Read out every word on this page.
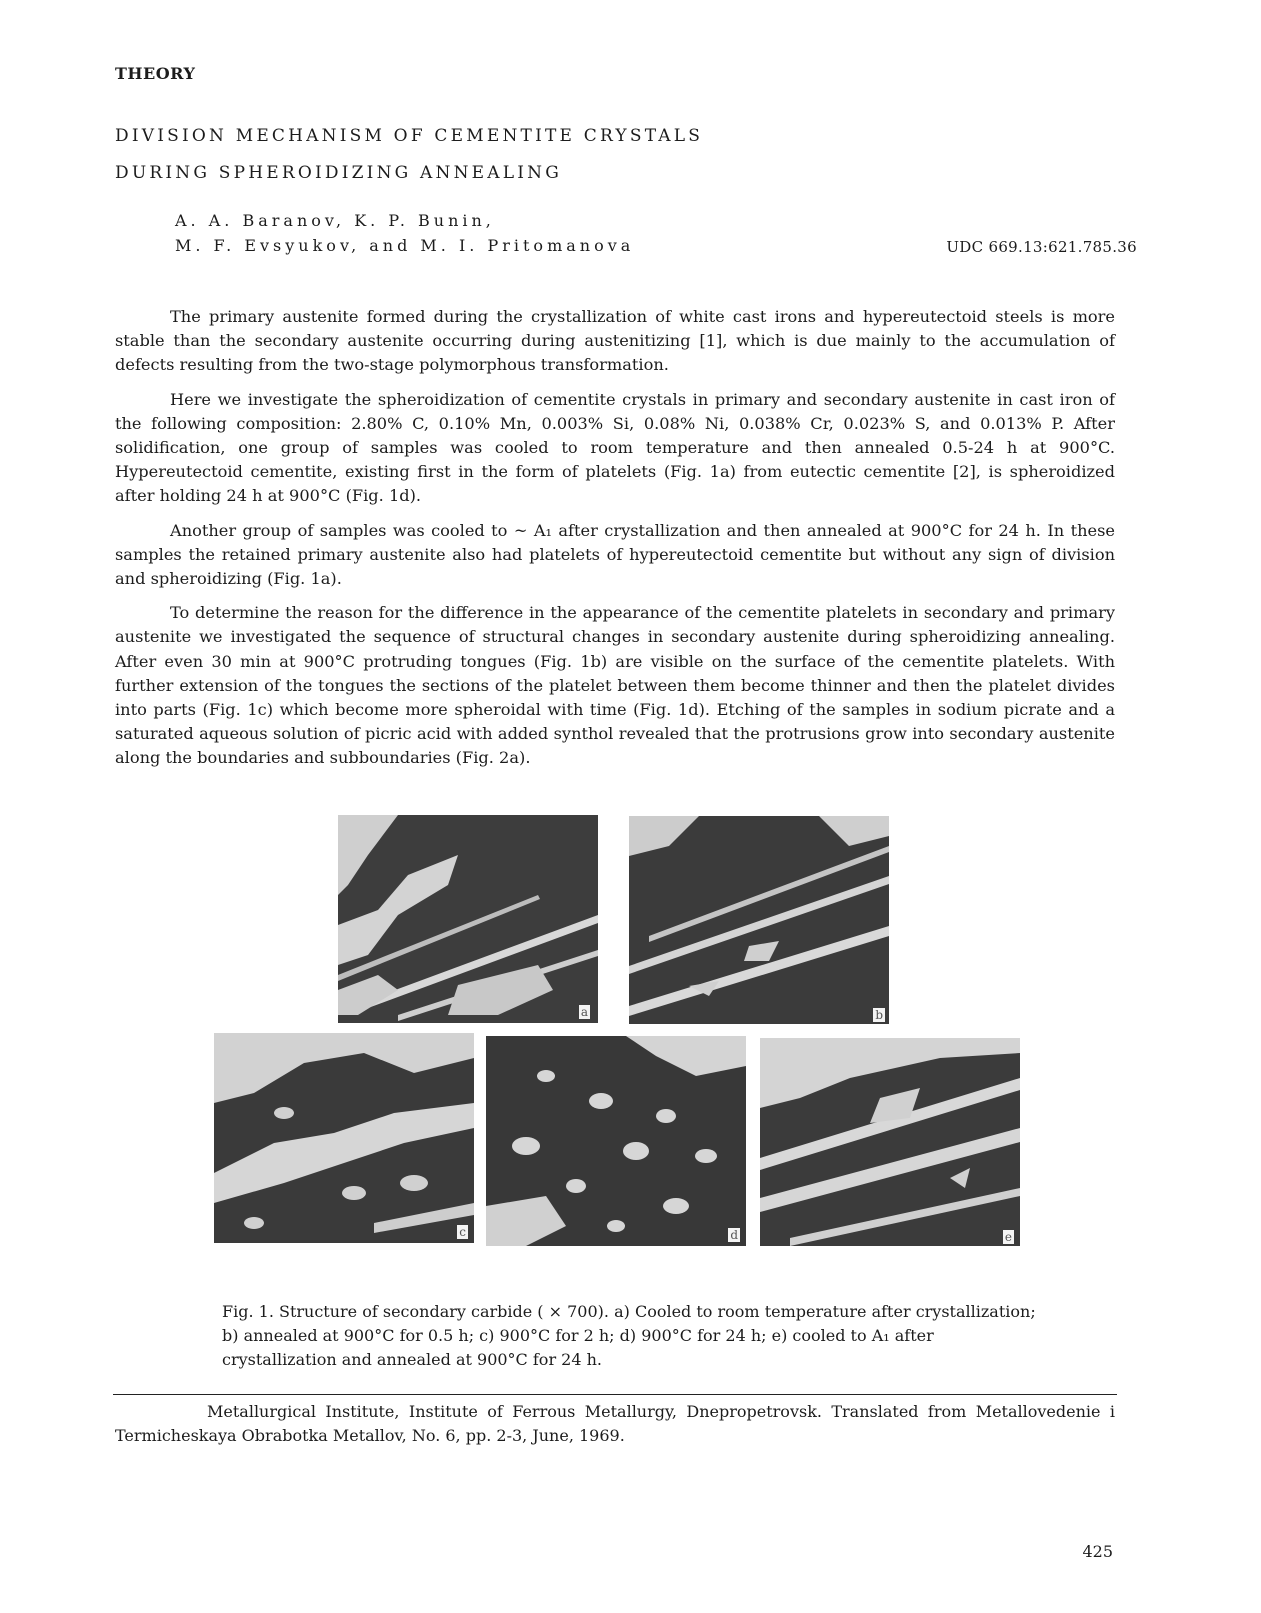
THEORY
DIVISION MECHANISM OF CEMENTITE CRYSTALS
DURING SPHEROIDIZING ANNEALING
A. A. Baranov, K. P. Bunin,
M. F. Evsyukov, and M. I. Pritomanova	UDC 669.13:621.785.36

The primary austenite formed during the crystallization of white cast irons and hypereutectoid steels is more stable than the secondary austenite occurring during austenitizing [1], which is due mainly to the accumulation of defects resulting from the two-stage polymorphous transformation.

Here we investigate the spheroidization of cementite crystals in primary and secondary austenite in cast iron of the following composition: 2.80% C, 0.10% Mn, 0.003% Si, 0.08% Ni, 0.038% Cr, 0.023% S, and 0.013% P. After solidification, one group of samples was cooled to room temperature and then annealed 0.5-24 h at 900°C. Hypereutectoid cementite, existing first in the form of platelets (Fig. 1a) from eutectic cementite [2], is spheroidized after holding 24 h at 900°C (Fig. 1d).

Another group of samples was cooled to ~ A₁ after crystallization and then annealed at 900°C for 24 h. In these samples the retained primary austenite also had platelets of hypereutectoid cementite but without any sign of division and spheroidizing (Fig. 1a).

To determine the reason for the difference in the appearance of the cementite platelets in secondary and primary austenite we investigated the sequence of structural changes in secondary austenite during spheroidizing annealing. After even 30 min at 900°C protruding tongues (Fig. 1b) are visible on the surface of the cementite platelets. With further extension of the tongues the sections of the platelet between them become thinner and then the platelet divides into parts (Fig. 1c) which become more spheroidal with time (Fig. 1d). Etching of the samples in sodium picrate and a saturated aqueous solution of picric acid with added synthol revealed that the protrusions grow into secondary austenite along the boundaries and subboundaries (Fig. 2a).

a	b
c	d	e
Fig. 1. Structure of secondary carbide ( × 700). a) Cooled to room temperature after crystallization; b) annealed at 900°C for 0.5 h; c) 900°C for 2 h; d) 900°C for 24 h; e) cooled to A₁ after crystallization and annealed at 900°C for 24 h.
Metallurgical Institute, Institute of Ferrous Metallurgy, Dnepropetrovsk. Translated from Metallovedenie i Termicheskaya Obrabotka Metallov, No. 6, pp. 2-3, June, 1969.
425
